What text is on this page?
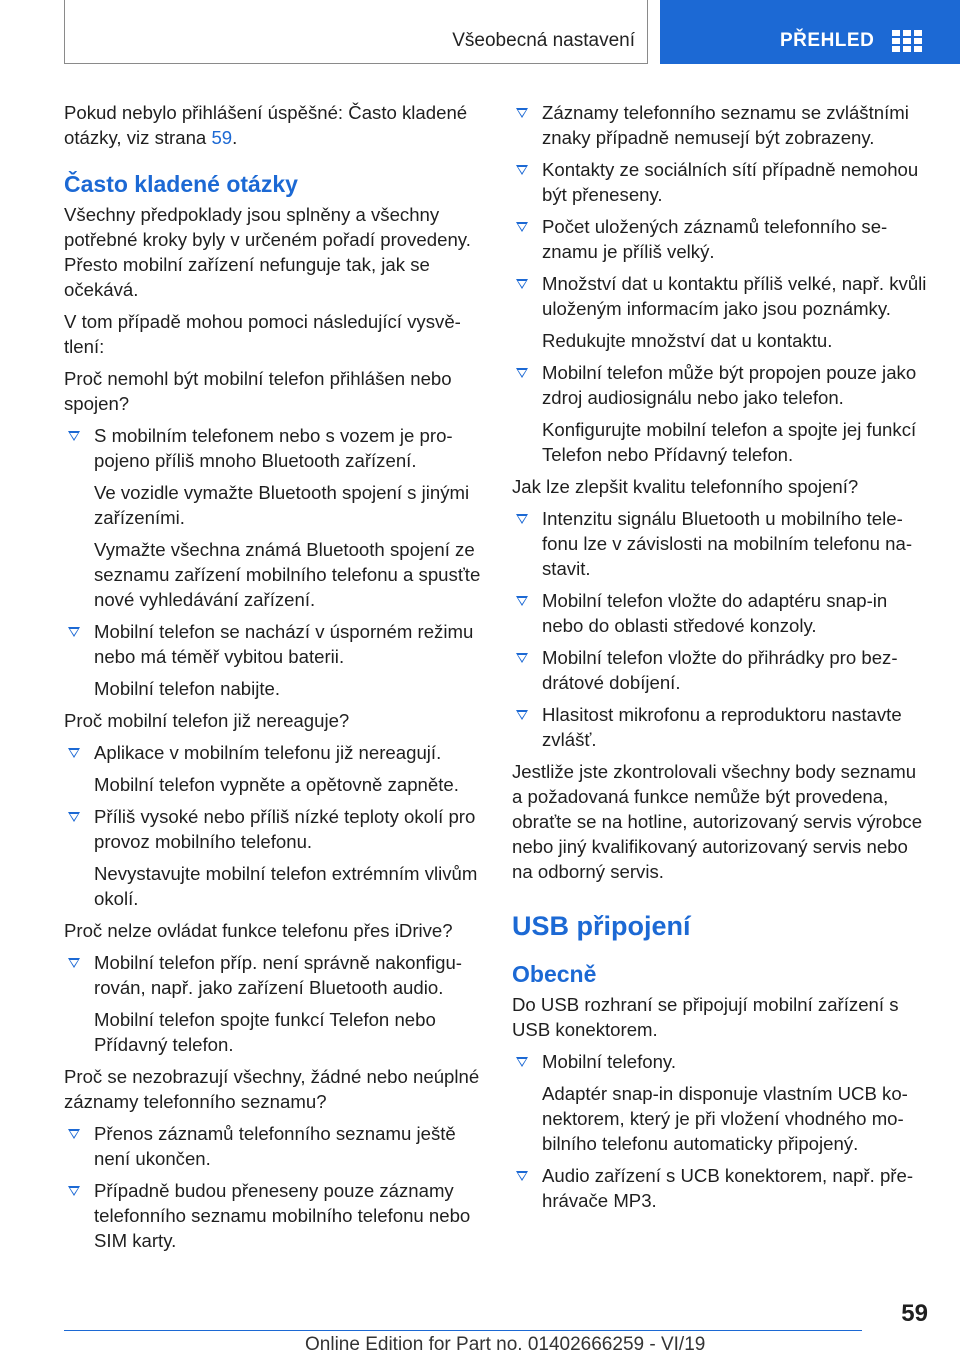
Všeobecná nastavení	PŘEHLED

Pokud nebylo přihlášení úspěšné: Často kladené otázky, viz strana 59.

Často kladené otázky

Všechny předpoklady jsou splněny a všechny potřebné kroky byly v určeném pořadí provedeny. Přesto mobilní zařízení nefunguje tak, jak se očekává.

V tom případě mohou pomoci následující vysvětlení:

Proč nemohl být mobilní telefon přihlášen nebo spojen?

S mobilním telefonem nebo s vozem je propojeno příliš mnoho Bluetooth zařízení.

Ve vozidle vymažte Bluetooth spojení s jinými zařízeními.

Vymažte všechna známá Bluetooth spojení ze seznamu zařízení mobilního telefonu a spusťte nové vyhledávání zařízení.

Mobilní telefon se nachází v úsporném režimu nebo má téměř vybitou baterii.

Mobilní telefon nabijte.

Proč mobilní telefon již nereaguje?

Aplikace v mobilním telefonu již nereagují.

Mobilní telefon vypněte a opětovně zapněte.

Příliš vysoké nebo příliš nízké teploty okolí pro provoz mobilního telefonu.

Nevystavujte mobilní telefon extrémním vlivům okolí.

Proč nelze ovládat funkce telefonu přes iDrive?

Mobilní telefon příp. není správně nakonfigurován, např. jako zařízení Bluetooth audio.

Mobilní telefon spojte funkcí Telefon nebo Přídavný telefon.

Proč se nezobrazují všechny, žádné nebo neúplné záznamy telefonního seznamu?

Přenos záznamů telefonního seznamu ještě není ukončen.
Případně budou přeneseny pouze záznamy telefonního seznamu mobilního telefonu nebo SIM karty.
Záznamy telefonního seznamu se zvláštními znaky případně nemusejí být zobrazeny.
Kontakty ze sociálních sítí případně nemohou být přeneseny.
Počet uložených záznamů telefonního seznamu je příliš velký.
Množství dat u kontaktu příliš velké, např. kvůli uloženým informacím jako jsou poznámky.

Redukujte množství dat u kontaktu.

Mobilní telefon může být propojen pouze jako zdroj audiosignálu nebo jako telefon.

Konfigurujte mobilní telefon a spojte jej funkcí Telefon nebo Přídavný telefon.

Jak lze zlepšit kvalitu telefonního spojení?

Intenzitu signálu Bluetooth u mobilního telefonu lze v závislosti na mobilním telefonu nastavit.
Mobilní telefon vložte do adaptéru snap-in nebo do oblasti středové konzoly.
Mobilní telefon vložte do přihrádky pro bezdrátové dobíjení.
Hlasitost mikrofonu a reproduktoru nastavte zvlášť.

Jestliže jste zkontrolovali všechny body seznamu a požadovaná funkce nemůže být provedena, obraťte se na hotline, autorizovaný servis výrobce nebo jiný kvalifikovaný autorizovaný servis nebo na odborný servis.

USB připojení
Obecně

Do USB rozhraní se připojují mobilní zařízení s USB konektorem.

Mobilní telefony.

Adaptér snap-in disponuje vlastním UCB konektorem, který je při vložení vhodného mobilního telefonu automaticky připojený.

Audio zařízení s UCB konektorem, např. přehrávače MP3.
59
Online Edition for Part no. 01402666259 - VI/19
